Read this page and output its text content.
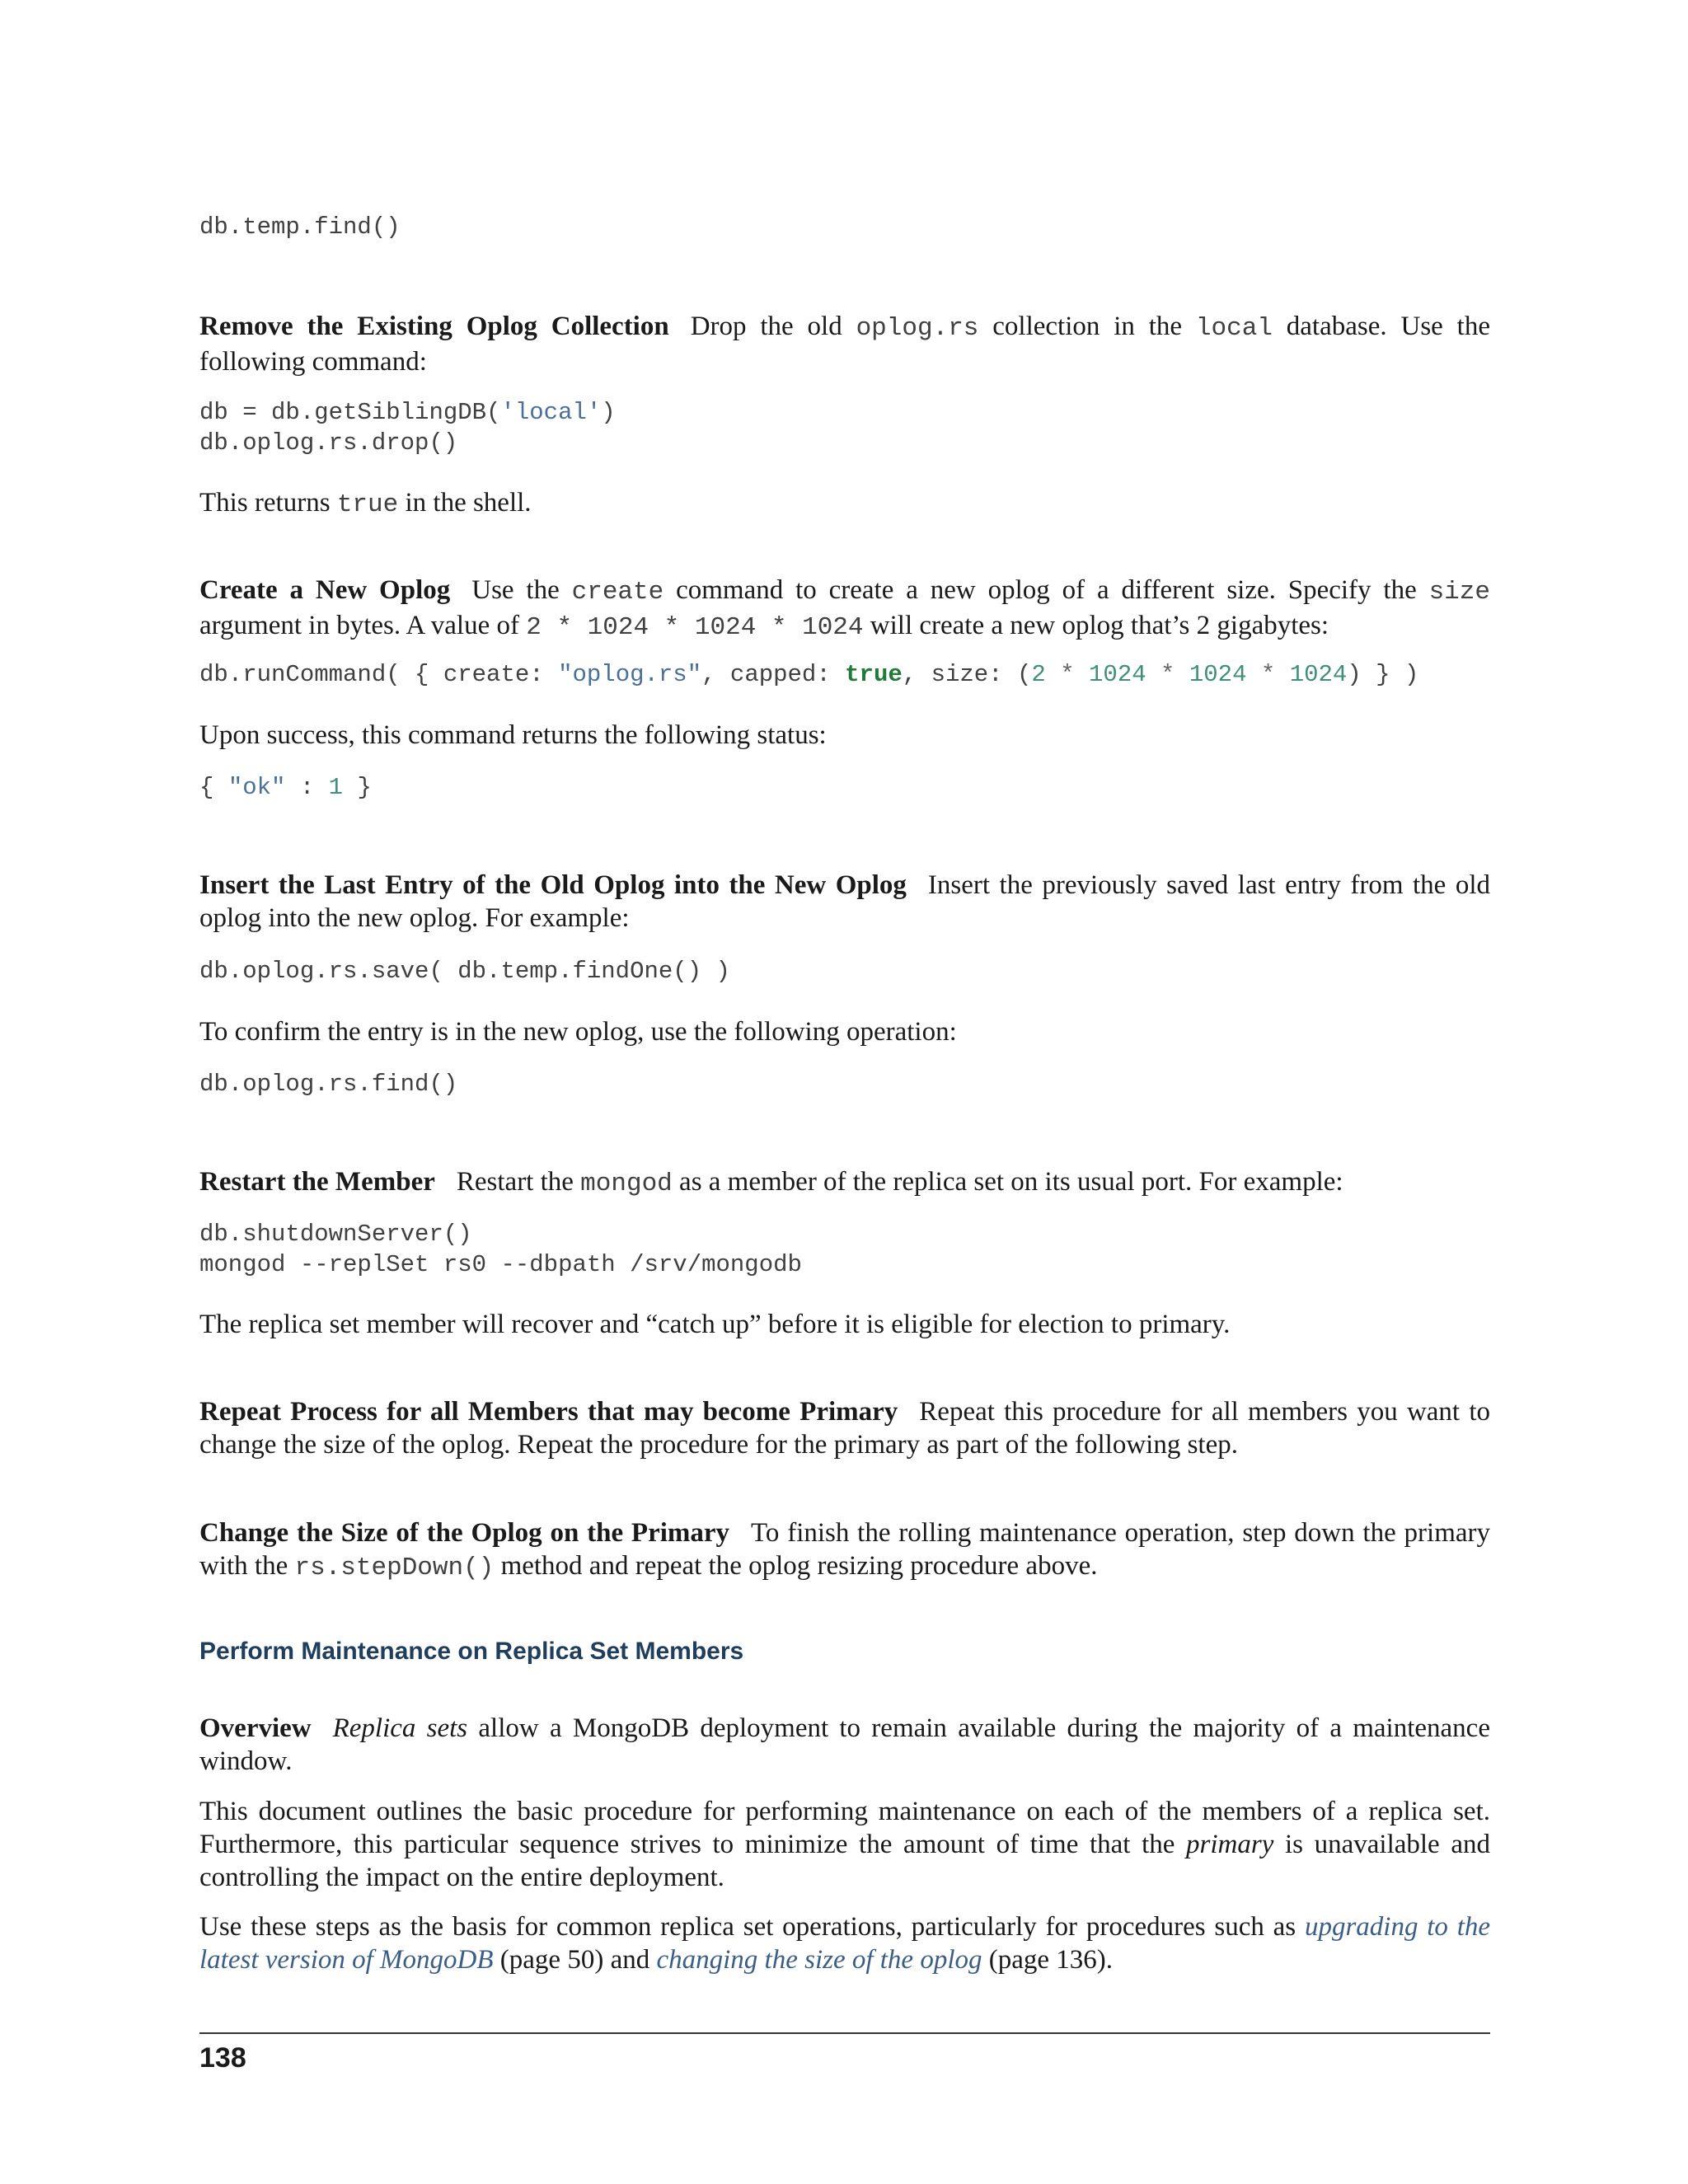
db.temp.find()

Remove the Existing Oplog Collection Drop the old oplog.rs collection in the local database. Use the following command:

db = db.getSiblingDB('local')
db.oplog.rs.drop()

This returns true in the shell.

Create a New Oplog Use the create command to create a new oplog of a different size. Specify the size argument in bytes. A value of 2 * 1024 * 1024 * 1024 will create a new oplog that’s 2 gigabytes:

db.runCommand( { create: "oplog.rs", capped: true, size: (2 * 1024 * 1024 * 1024) } )

Upon success, this command returns the following status:

{ "ok" : 1 }

Insert the Last Entry of the Old Oplog into the New Oplog Insert the previously saved last entry from the old oplog into the new oplog. For example:

db.oplog.rs.save( db.temp.findOne() )

To confirm the entry is in the new oplog, use the following operation:

db.oplog.rs.find()

Restart the Member Restart the mongod as a member of the replica set on its usual port. For example:

db.shutdownServer()
mongod --replSet rs0 --dbpath /srv/mongodb

The replica set member will recover and “catch up” before it is eligible for election to primary.

Repeat Process for all Members that may become Primary Repeat this procedure for all members you want to change the size of the oplog. Repeat the procedure for the primary as part of the following step.

Change the Size of the Oplog on the Primary To finish the rolling maintenance operation, step down the primary with the rs.stepDown() method and repeat the oplog resizing procedure above.

Perform Maintenance on Replica Set Members

Overview Replica sets allow a MongoDB deployment to remain available during the majority of a maintenance window.

This document outlines the basic procedure for performing maintenance on each of the members of a replica set. Furthermore, this particular sequence strives to minimize the amount of time that the primary is unavailable and controlling the impact on the entire deployment.

Use these steps as the basis for common replica set operations, particularly for procedures such as upgrading to the latest version of MongoDB (page 50) and changing the size of the oplog (page 136).

138
